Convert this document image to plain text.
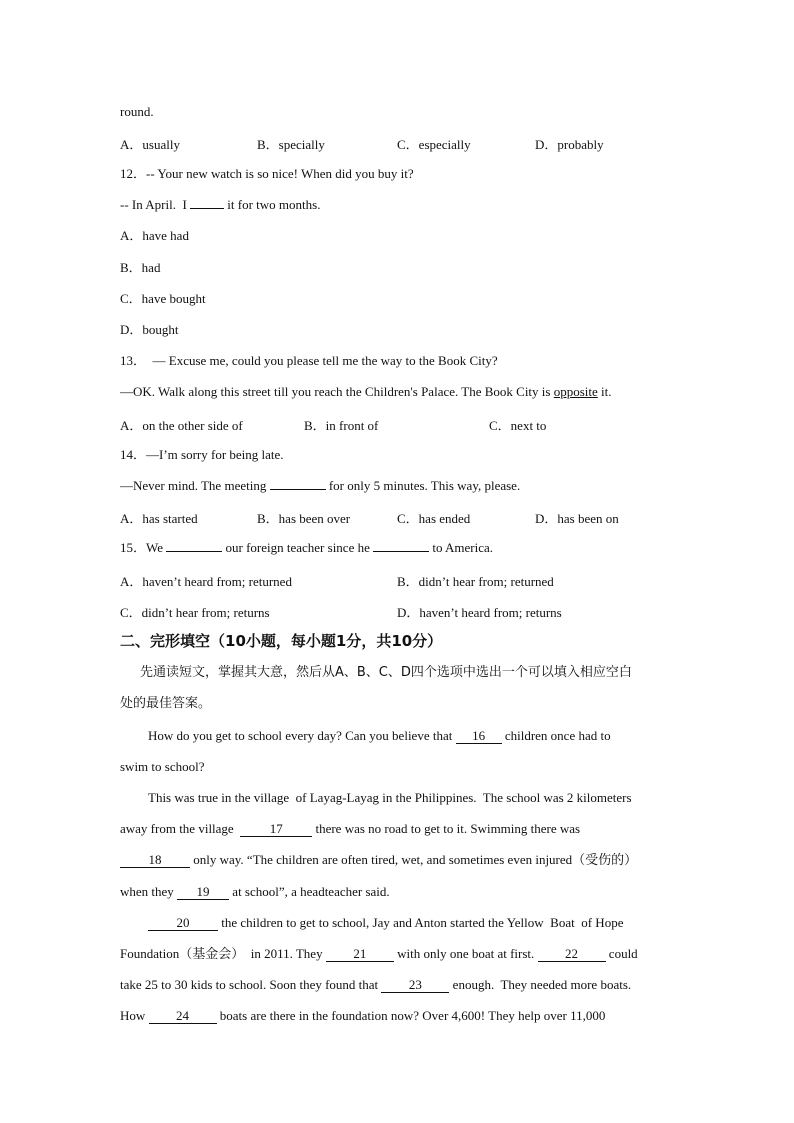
round.
A．usually	B．specially	C．especially	D．probably
12．-- Your new watch is so nice! When did you buy it?
-- In April.  I	it for two months.
A．have had
B．had
C．have bought
D．bought
13．  — Excuse me, could you please tell me the way to the Book City?
—OK. Walk along this street till you reach the Children's Palace. The Book City is opposite it.
A．on the other side of	B．in front of	C．next to
14．—I’m sorry for being late.
—Never mind. The meeting	for only 5 minutes. This way, please.
A．has started	B．has been over	C．has ended	D．has been on
15．We	our foreign teacher since he	to America.
A．haven’t heard from; returned	B．didn’t hear from; returned
C．didn’t hear from; returns	D．haven’t heard from; returns
二、完形填空（10小题，每小题1分，共10分）
先通读短文，掌握其大意，然后从A、B、C、D四个选项中选出一个可以填入相应空白
处的最佳答案。
How do you get to school every day? Can you believe that 16 children once had to
swim to school?
This was true in the village  of Layag-Layag in the Philippines.  The school was 2 kilometers
away from the village  17 there was no road to get to it. Swimming there was
18 only way. “The children are often tired, wet, and sometimes even injured（受伤的）
when they 19 at school”, a headteacher said.
20 the children to get to school, Jay and Anton started the Yellow  Boat  of Hope
Foundation（基金会）  in 2011. They 21 with only one boat at first. 22 could
take 25 to 30 kids to school. Soon they found that 23 enough.  They needed more boats.
How 24 boats are there in the foundation now? Over 4,600! They help over 11,000
